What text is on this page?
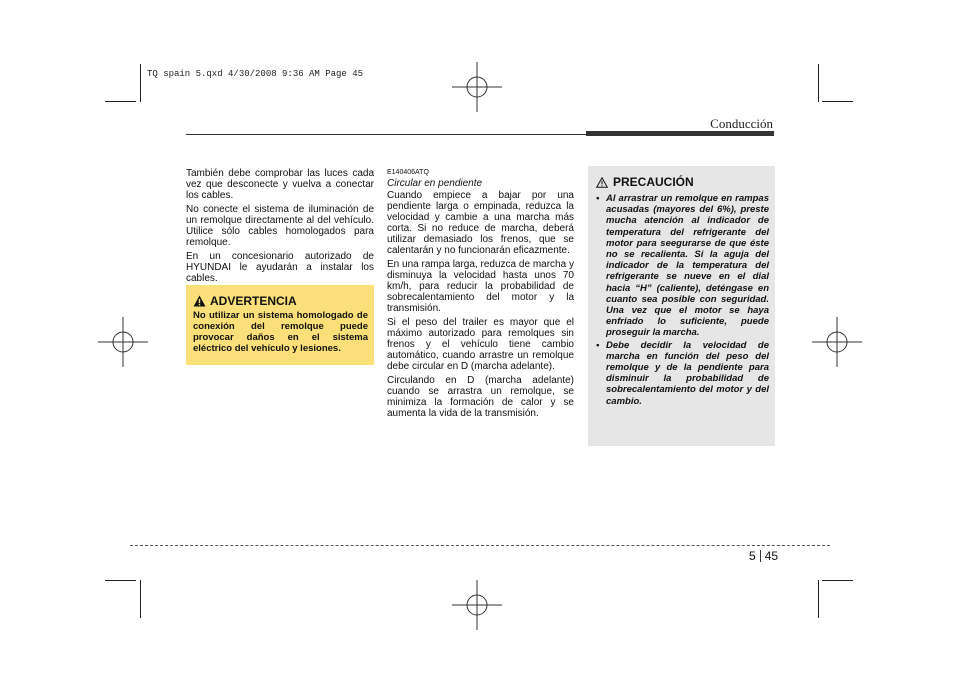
TQ spain 5.qxd 4/30/2008 9:36 AM Page 45
Conducción

También debe comprobar las luces cada vez que desconecte y vuelva a conectar los cables.

No conecte el sistema de iluminación de un remolque directamente al del vehículo. Utilice sólo cables homologados para remolque.

En un concesionario autorizado de HYUNDAI le ayudarán a instalar los cables.

ADVERTENCIA
No utilizar un sistema homologado de conexión del remolque puede provocar daños en el sistema eléctrico del vehículo y lesiones.

E140406ATQ

Circular en pendiente

Cuando empiece a bajar por una pendiente larga o empinada, reduzca la velocidad y cambie a una marcha más corta. Si no reduce de marcha, deberá utilizar demasiado los frenos, que se calentarán y no funcionarán eficazmente.

En una rampa larga, reduzca de marcha y disminuya la velocidad hasta unos 70 km/h, para reducir la probabilidad de sobrecalentamiento del motor y la transmisión.

Si el peso del trailer es mayor que el máximo autorizado para remolques sin frenos y el vehículo tiene cambio automático, cuando arrastre un remolque debe circular en D (marcha adelante).

Circulando en D (marcha adelante) cuando se arrastra un remolque, se minimiza la formación de calor y se aumenta la vida de la transmisión.

PRECAUCIÓN
• Al arrastrar un remolque en rampas acusadas (mayores del 6%), preste mucha atención al indicador de temperatura del refrigerante del motor para seegurarse de que éste no se recalienta. Si la aguja del indicador de la temperatura del refrigerante se nueve en el dial hacia “H” (caliente), deténgase en cuanto sea posible con seguridad. Una vez que el motor se haya enfriado lo suficiente, puede proseguir la marcha.
• Debe decidir la velocidad de marcha en función del peso del remolque y de la pendiente para disminuir la probabilidad de sobrecalentamiento del motor y del cambio.
5 45
